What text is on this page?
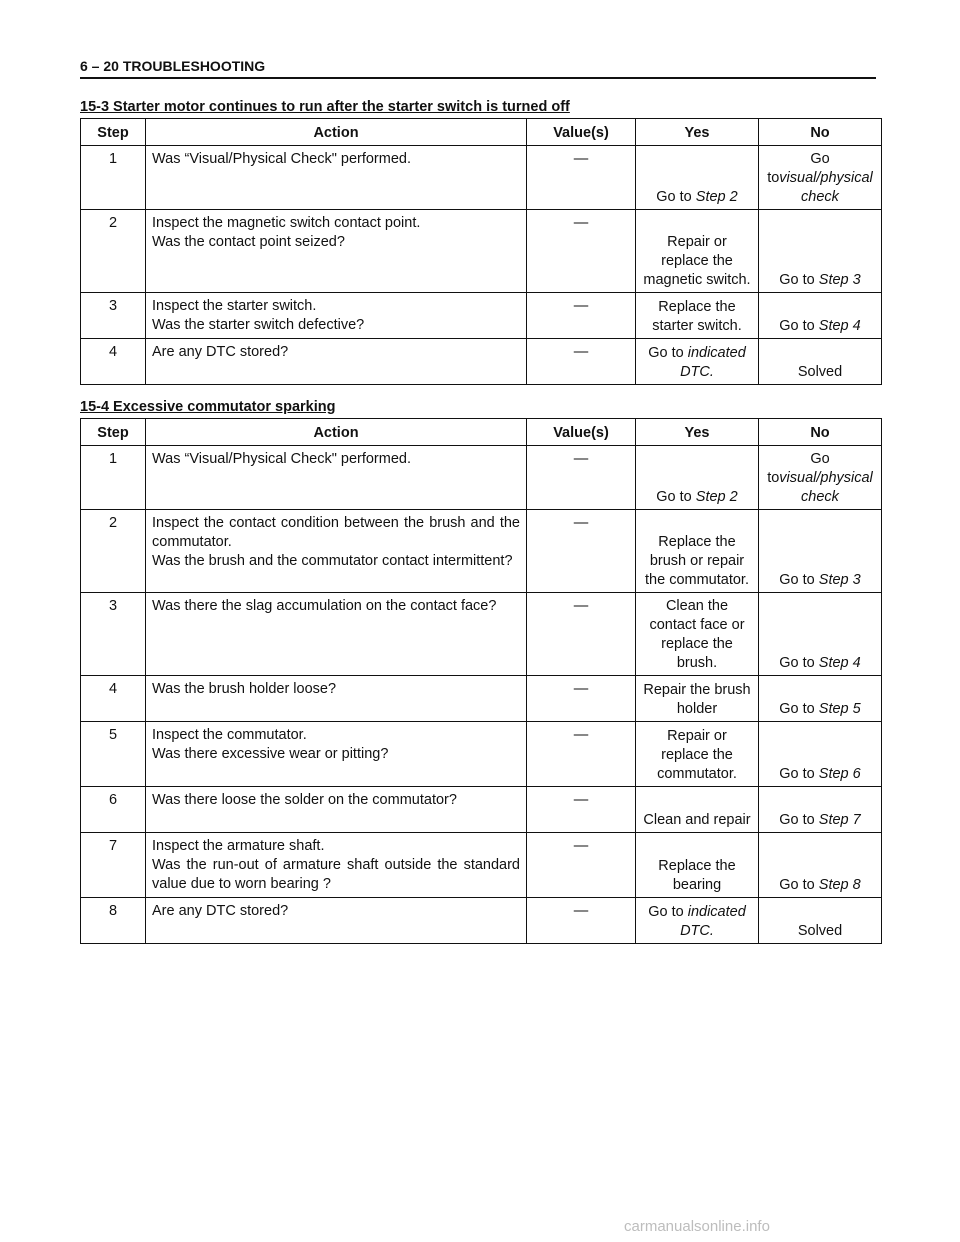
6 – 20 TROUBLESHOOTING
15-3 Starter motor continues to run after the starter switch is turned off
Step	Action	Value(s)	Yes	No
1	Was “Visual/Physical Check" performed.	—	Go to Step 2	Go tovisual/physical check
2	Inspect the magnetic switch contact point.
Was the contact point seized?	—	Repair or replace the magnetic switch.	Go to Step 3
3	Inspect the starter switch.
Was the starter switch defective?	—	Replace the starter switch.	Go to Step 4
4	Are any DTC stored?	—	Go to indicated DTC.	Solved
15-4 Excessive commutator sparking
Step	Action	Value(s)	Yes	No
1	Was “Visual/Physical Check" performed.	—	Go to Step 2	Go tovisual/physical check
2	Inspect the contact condition between the brush and the commutator.
Was the brush and the commutator contact intermittent?	—	Replace the brush or repair the commutator.	Go to Step 3
3	Was there the slag accumulation on the contact face?	—	Clean the contact face or replace the brush.	Go to Step 4
4	Was the brush holder loose?	—	Repair the brush holder	Go to Step 5
5	Inspect the commutator.
Was there excessive wear or pitting?	—	Repair or replace the commutator.	Go to Step 6
6	Was there loose the solder on the commutator?	—	Clean and repair	Go to Step 7
7	Inspect the armature shaft.
Was the run-out of armature shaft outside the standard value due to worn bearing ?	—	Replace the bearing	Go to Step 8
8	Are any DTC stored?	—	Go to indicated DTC.	Solved
carmanualsonline.info
